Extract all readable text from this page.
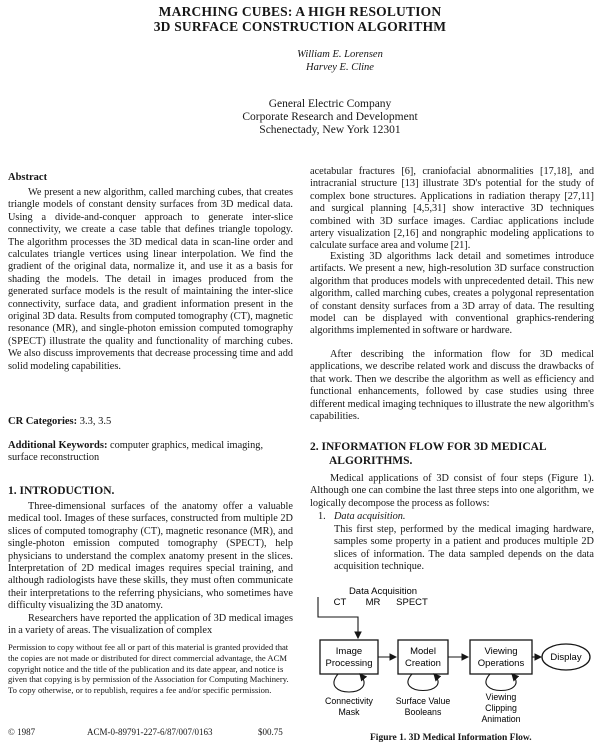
MARCHING CUBES: A HIGH RESOLUTION
3D SURFACE CONSTRUCTION ALGORITHM
William E. Lorensen
Harvey E. Cline
General Electric Company
Corporate Research and Development
Schenectady, New York 12301
Abstract
We present a new algorithm, called marching cubes, that creates triangle models of constant density surfaces from 3D medical data. Using a divide-and-conquer approach to generate inter-slice connectivity, we create a case table that defines triangle topology. The algorithm processes the 3D medical data in scan-line order and calculates triangle vertices using linear interpolation. We find the gradient of the original data, normalize it, and use it as a basis for shading the models. The detail in images produced from the generated surface models is the result of maintaining the inter-slice connectivity, surface data, and gradient information present in the original 3D data. Results from computed tomography (CT), magnetic resonance (MR), and single-photon emission computed tomography (SPECT) illustrate the quality and functionality of marching cubes. We also discuss improvements that decrease processing time and add solid modeling capabilities.
CR Categories: 3.3, 3.5
Additional Keywords: computer graphics, medical imaging, surface reconstruction
1. INTRODUCTION.
Three-dimensional surfaces of the anatomy offer a valuable medical tool. Images of these surfaces, constructed from multiple 2D slices of computed tomography (CT), magnetic resonance (MR), and single-photon emission computed tomography (SPECT), help physicians to understand the complex anatomy present in the slices. Interpretation of 2D medical images requires special training, and although radiologists have these skills, they must often communicate their interpretations to the referring physicians, who sometimes have difficulty visualizing the 3D anatomy.
Researchers have reported the application of 3D medical images in a variety of areas. The visualization of complex
Permission to copy without fee all or part of this material is granted provided that the copies are not made or distributed for direct commercial advantage, the ACM copyright notice and the title of the publication and its date appear, and notice is given that copying is by permission of the Association for Computing Machinery. To copy otherwise, or to republish, requires a fee and/or specific permission.
© 1987	ACM-0-89791-227-6/87/007/0163	$00.75
acetabular fractures [6], craniofacial abnormalities [17,18], and intracranial structure [13] illustrate 3D's potential for the study of complex bone structures. Applications in radiation therapy [27,11] and surgical planning [4,5,31] show interactive 3D techniques combined with 3D surface images. Cardiac applications include artery visualization [2,16] and nongraphic modeling applications to calculate surface area and volume [21].
Existing 3D algorithms lack detail and sometimes introduce artifacts. We present a new, high-resolution 3D surface construction algorithm that produces models with unprecedented detail. This new algorithm, called marching cubes, creates a polygonal representation of constant density surfaces from a 3D array of data. The resulting model can be displayed with conventional graphics-rendering algorithms implemented in software or hardware.
After describing the information flow for 3D medical applications, we describe related work and discuss the drawbacks of that work. Then we describe the algorithm as well as efficiency and functional enhancements, followed by case studies using three different medical imaging techniques to illustrate the new algorithm's capabilities.
2. INFORMATION FLOW FOR 3D MEDICAL
ALGORITHMS.
Medical applications of 3D consist of four steps (Figure 1). Although one can combine the last three steps into one algorithm, we logically decompose the process as follows:
1. Data acquisition.
This first step, performed by the medical imaging hardware, samples some property in a patient and produces multiple 2D slices of information. The data sampled depends on the data acquisition technique.
Data Acquisition
CT MR SPECT
Image
Processing
Model
Creation
Viewing
Operations
Display
Connectivity
Mask
Surface Value
Booleans
Viewing
Clipping
Animation
Figure 1. 3D Medical Information Flow.
